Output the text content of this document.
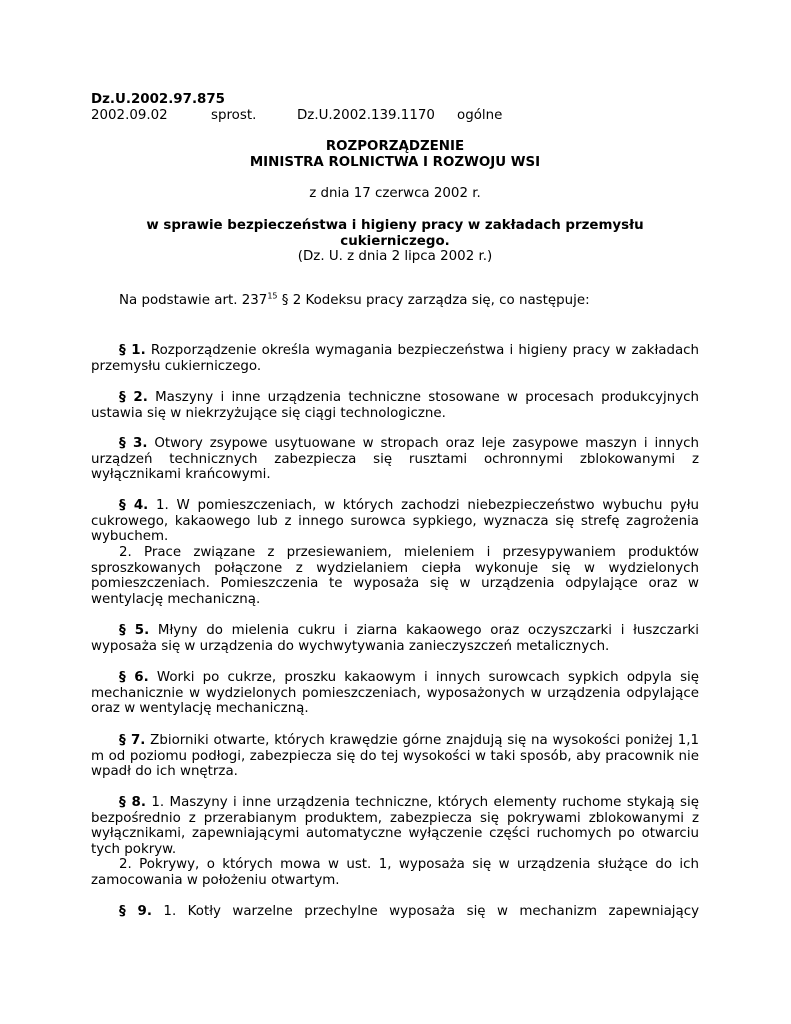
Dz.U.2002.97.875
2002.09.02	sprost.	Dz.U.2002.139.1170 ogólne
ROZPORZĄDZENIE
MINISTRA ROLNICTWA I ROZWOJU WSI
z dnia 17 czerwca 2002 r.
w sprawie bezpieczeństwa i higieny pracy w zakładach przemysłu cukierniczego.
(Dz. U. z dnia 2 lipca 2002 r.)

Na podstawie art. $237^{15}$ § 2 Kodeksu pracy zarządza się, co następuje:

§ 1. Rozporządzenie określa wymagania bezpieczeństwa i higieny pracy w zakładach przemysłu cukierniczego.

§ 2. Maszyny i inne urządzenia techniczne stosowane w procesach produkcyjnych ustawia się w niekrzyżujące się ciągi technologiczne.

§ 3. Otwory zsypowe usytuowane w stropach oraz leje zasypowe maszyn i innych urządzeń technicznych zabezpiecza się rusztami ochronnymi zblokowanymi z wyłącznikami krańcowymi.

§ 4. 1. W pomieszczeniach, w których zachodzi niebezpieczeństwo wybuchu pyłu cukrowego, kakaowego lub z innego surowca sypkiego, wyznacza się strefę zagrożenia wybuchem.

2. Prace związane z przesiewaniem, mieleniem i przesypywaniem produktów sproszkowanych połączone z wydzielaniem ciepła wykonuje się w wydzielonych pomieszczeniach. Pomieszczenia te wyposaża się w urządzenia odpylające oraz w wentylację mechaniczną.

§ 5. Młyny do mielenia cukru i ziarna kakaowego oraz oczyszczarki i łuszczarki wyposaża się w urządzenia do wychwytywania zanieczyszczeń metalicznych.

§ 6. Worki po cukrze, proszku kakaowym i innych surowcach sypkich odpyla się mechanicznie w wydzielonych pomieszczeniach, wyposażonych w urządzenia odpylające oraz w wentylację mechaniczną.

§ 7. Zbiorniki otwarte, których krawędzie górne znajdują się na wysokości poniżej 1,1 m od poziomu podłogi, zabezpiecza się do tej wysokości w taki sposób, aby pracownik nie wpadł do ich wnętrza.

§ 8. 1. Maszyny i inne urządzenia techniczne, których elementy ruchome stykają się bezpośrednio z przerabianym produktem, zabezpiecza się pokrywami zblokowanymi z wyłącznikami, zapewniającymi automatyczne wyłączenie części ruchomych po otwarciu tych pokryw.

2. Pokrywy, o których mowa w ust. 1, wyposaża się w urządzenia służące do ich zamocowania w położeniu otwartym.

§ 9. 1. Kotły warzelne przechylne wyposaża się w mechanizm zapewniający
